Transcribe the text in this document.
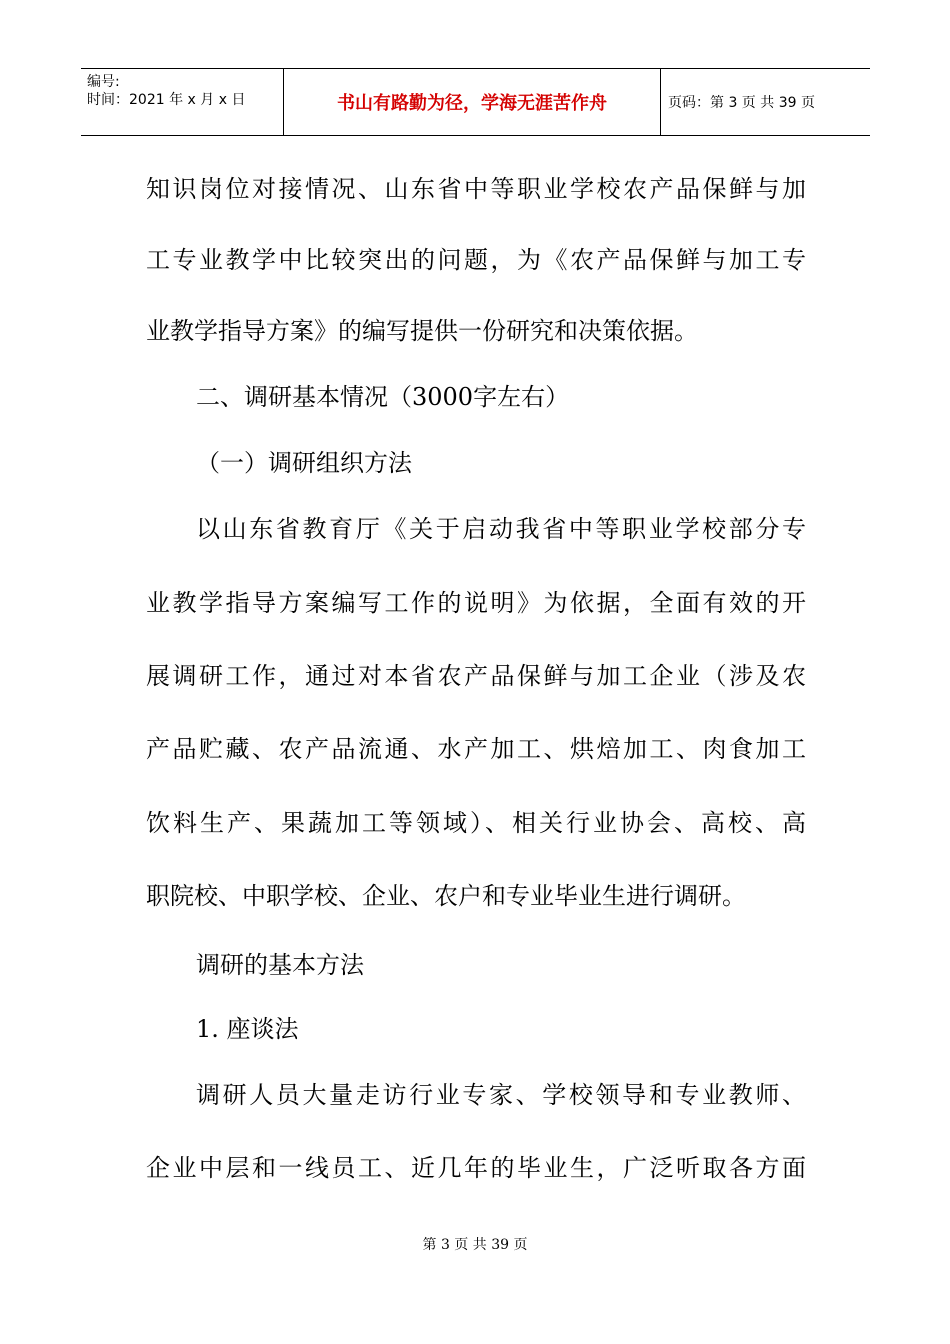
编号:
时间：2021 年 x 月 x 日	书山有路勤为径，学海无涯苦作舟	页码：第 3 页 共 39 页
知识岗位对接情况、山东省中等职业学校农产品保鲜与加
工专业教学中比较突出的问题，为《农产品保鲜与加工专
业教学指导方案》的编写提供一份研究和决策依据。
二、调研基本情况（3000字左右）
（一）调研组织方法
以山东省教育厅《关于启动我省中等职业学校部分专
业教学指导方案编写工作的说明》为依据，全面有效的开
展调研工作，通过对本省农产品保鲜与加工企业（涉及农
产品贮藏、农产品流通、水产加工、烘焙加工、肉食加工
饮料生产、果蔬加工等领域）、相关行业协会、高校、高
职院校、中职学校、企业、农户和专业毕业生进行调研。
调研的基本方法
1. 座谈法
调研人员大量走访行业专家、学校领导和专业教师、
企业中层和一线员工、近几年的毕业生，广泛听取各方面
第 3 页 共 39 页
